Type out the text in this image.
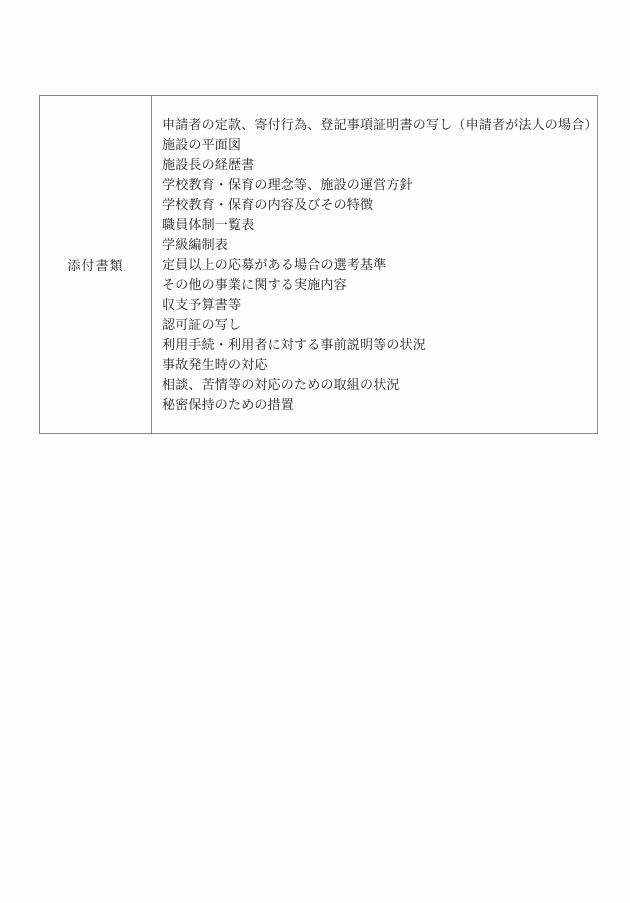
添付書類
申請者の定款、寄付行為、登記事項証明書の写し（申請者が法人の場合）
施設の平面図
施設長の経歴書
学校教育・保育の理念等、施設の運営方針
学校教育・保育の内容及びその特徴
職員体制一覧表
学級編制表
定員以上の応募がある場合の選考基準
その他の事業に関する実施内容
収支予算書等
認可証の写し
利用手続・利用者に対する事前説明等の状況
事故発生時の対応
相談、苦情等の対応のための取組の状況
秘密保持のための措置
